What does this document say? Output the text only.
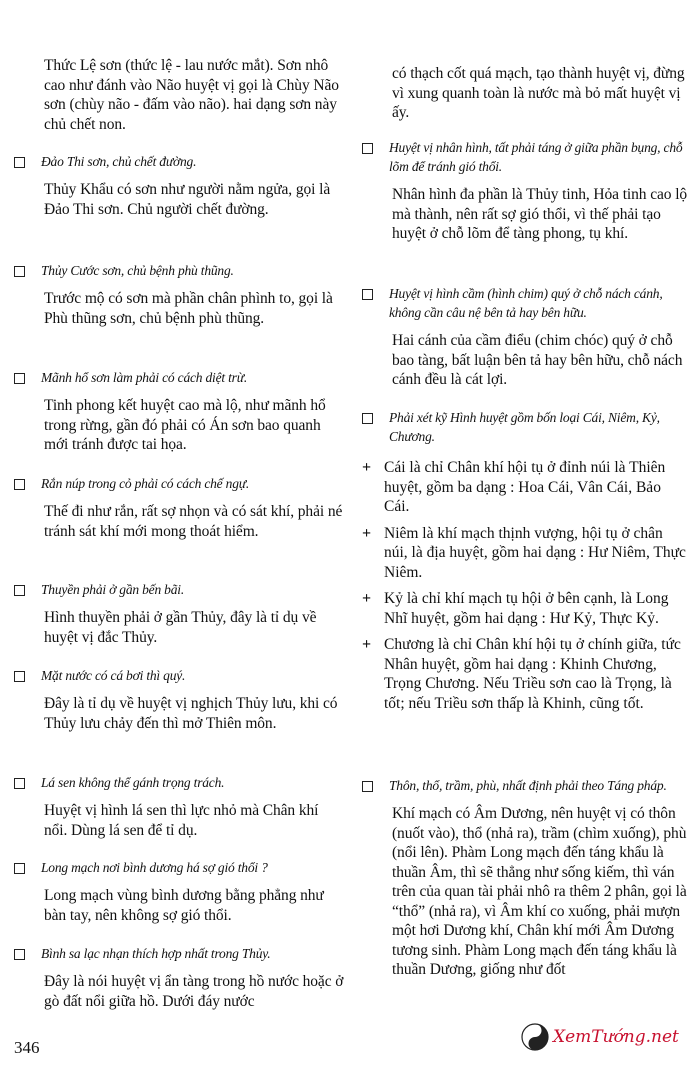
Thức Lệ sơn (thức lệ - lau nước mắt). Sơn nhô cao như đánh vào Não huyệt vị gọi là Chùy Não sơn (chùy não - đấm vào não). hai dạng sơn này chủ chết non.
Đảo Thi sơn, chủ chết đường.
Thủy Khẩu có sơn như người nằm ngửa, gọi là Đảo Thi sơn. Chủ người chết đường.
Thủy Cước sơn, chủ bệnh phù thũng.
Trước mộ có sơn mà phần chân phình to, gọi là Phù thũng sơn, chủ bệnh phù thũng.
Mãnh hổ sơn làm phải có cách diệt trừ.
Tinh phong kết huyệt cao mà lộ, như mãnh hổ trong rừng, gần đó phải có Án sơn bao quanh mới tránh được tai họa.
Rắn núp trong cỏ phải có cách chế ngự.
Thế đi như rắn, rất sợ nhọn và có sát khí, phải né tránh sát khí mới mong thoát hiểm.
Thuyền phải ở gần bến bãi.
Hình thuyền phải ở gần Thủy, đây là tỉ dụ về huyệt vị đắc Thủy.
Mặt nước có cá bơi thì quý.
Đây là tỉ dụ về huyệt vị nghịch Thủy lưu, khi có Thủy lưu chảy đến thì mở Thiên môn.
Lá sen không thể gánh trọng trách.
Huyệt vị hình lá sen thì lực nhỏ mà Chân khí nổi. Dùng lá sen để tỉ dụ.
Long mạch nơi bình dương há sợ gió thổi ?
Long mạch vùng bình dương bằng phẳng như bàn tay, nên không sợ gió thổi.
Bình sa lạc nhạn thích hợp nhất trong Thủy.
Đây là nói huyệt vị ẩn tàng trong hồ nước hoặc ở gò đất nổi giữa hồ. Dưới đáy nước
có thạch cốt quá mạch, tạo thành huyệt vị, đừng vì xung quanh toàn là nước mà bỏ mất huyệt vị ấy.
Huyệt vị nhân hình, tất phải táng ở giữa phần bụng, chỗ lõm để tránh gió thổi.
Nhân hình đa phần là Thủy tinh, Hỏa tinh cao lộ mà thành, nên rất sợ gió thổi, vì thế phải tạo huyệt ở chỗ lõm để tàng phong, tụ khí.
Huyệt vị hình cầm (hình chim) quý ở chỗ nách cánh, không cần câu nệ bên tả hay bên hữu.
Hai cánh của cầm điểu (chim chóc) quý ở chỗ bao tàng, bất luận bên tả hay bên hữu, chỗ nách cánh đều là cát lợi.
Phải xét kỹ Hình huyệt gồm bốn loại Cái, Niêm, Kỷ, Chương.
+ Cái là chỉ Chân khí hội tụ ở đỉnh núi là Thiên huyệt, gồm ba dạng : Hoa Cái, Vân Cái, Bảo Cái.
+ Niêm là khí mạch thịnh vượng, hội tụ ở chân núi, là địa huyệt, gồm hai dạng : Hư Niêm, Thực Niêm.
+ Kỷ là chỉ khí mạch tụ hội ở bên cạnh, là Long Nhĩ huyệt, gồm hai dạng : Hư Kỷ, Thực Kỷ.
+ Chương là chỉ Chân khí hội tụ ở chính giữa, tức Nhân huyệt, gồm hai dạng : Khinh Chương, Trọng Chương. Nếu Triều sơn cao là Trọng, là tốt; nếu Triều sơn thấp là Khinh, cũng tốt.
Thôn, thổ, trầm, phù, nhất định phải theo Táng pháp.
Khí mạch có Âm Dương, nên huyệt vị có thôn (nuốt vào), thổ (nhả ra), trầm (chìm xuống), phù (nổi lên). Phàm Long mạch đến táng khẩu là thuần Âm, thì sẽ thẳng như sống kiếm, thì ván trên của quan tài phải nhô ra thêm 2 phân, gọi là “thổ” (nhả ra), vì Âm khí co xuống, phải mượn một hơi Dương khí, Chân khí mới Âm Dương tương sinh. Phàm Long mạch đến táng khẩu là thuần Dương, giống như đốt
346
XemTướng.net
